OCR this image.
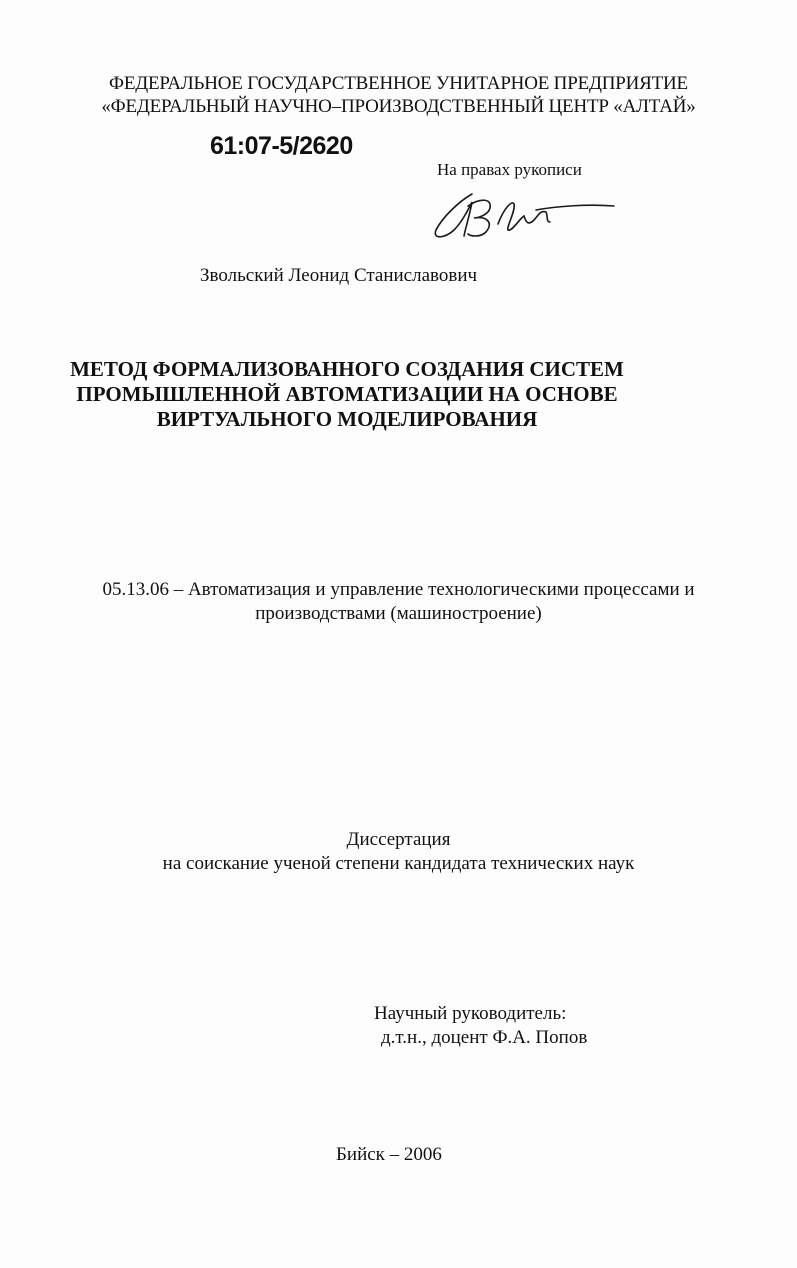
ФЕДЕРАЛЬНОЕ ГОСУДАРСТВЕННОЕ УНИТАРНОЕ ПРЕДПРИЯТИЕ
«ФЕДЕРАЛЬНЫЙ НАУЧНО–ПРОИЗВОДСТВЕННЫЙ ЦЕНТР «АЛТАЙ»
61:07-5/2620
На правах рукописи
Звольский Леонид Станиславович
МЕТОД ФОРМАЛИЗОВАННОГО СОЗДАНИЯ СИСТЕМ
ПРОМЫШЛЕННОЙ АВТОМАТИЗАЦИИ НА ОСНОВЕ
ВИРТУАЛЬНОГО МОДЕЛИРОВАНИЯ
05.13.06 – Автоматизация и управление технологическими процессами и
производствами (машиностроение)
Диссертация
на соискание ученой степени кандидата технических наук
Научный руководитель:
д.т.н., доцент Ф.А. Попов
Бийск – 2006
